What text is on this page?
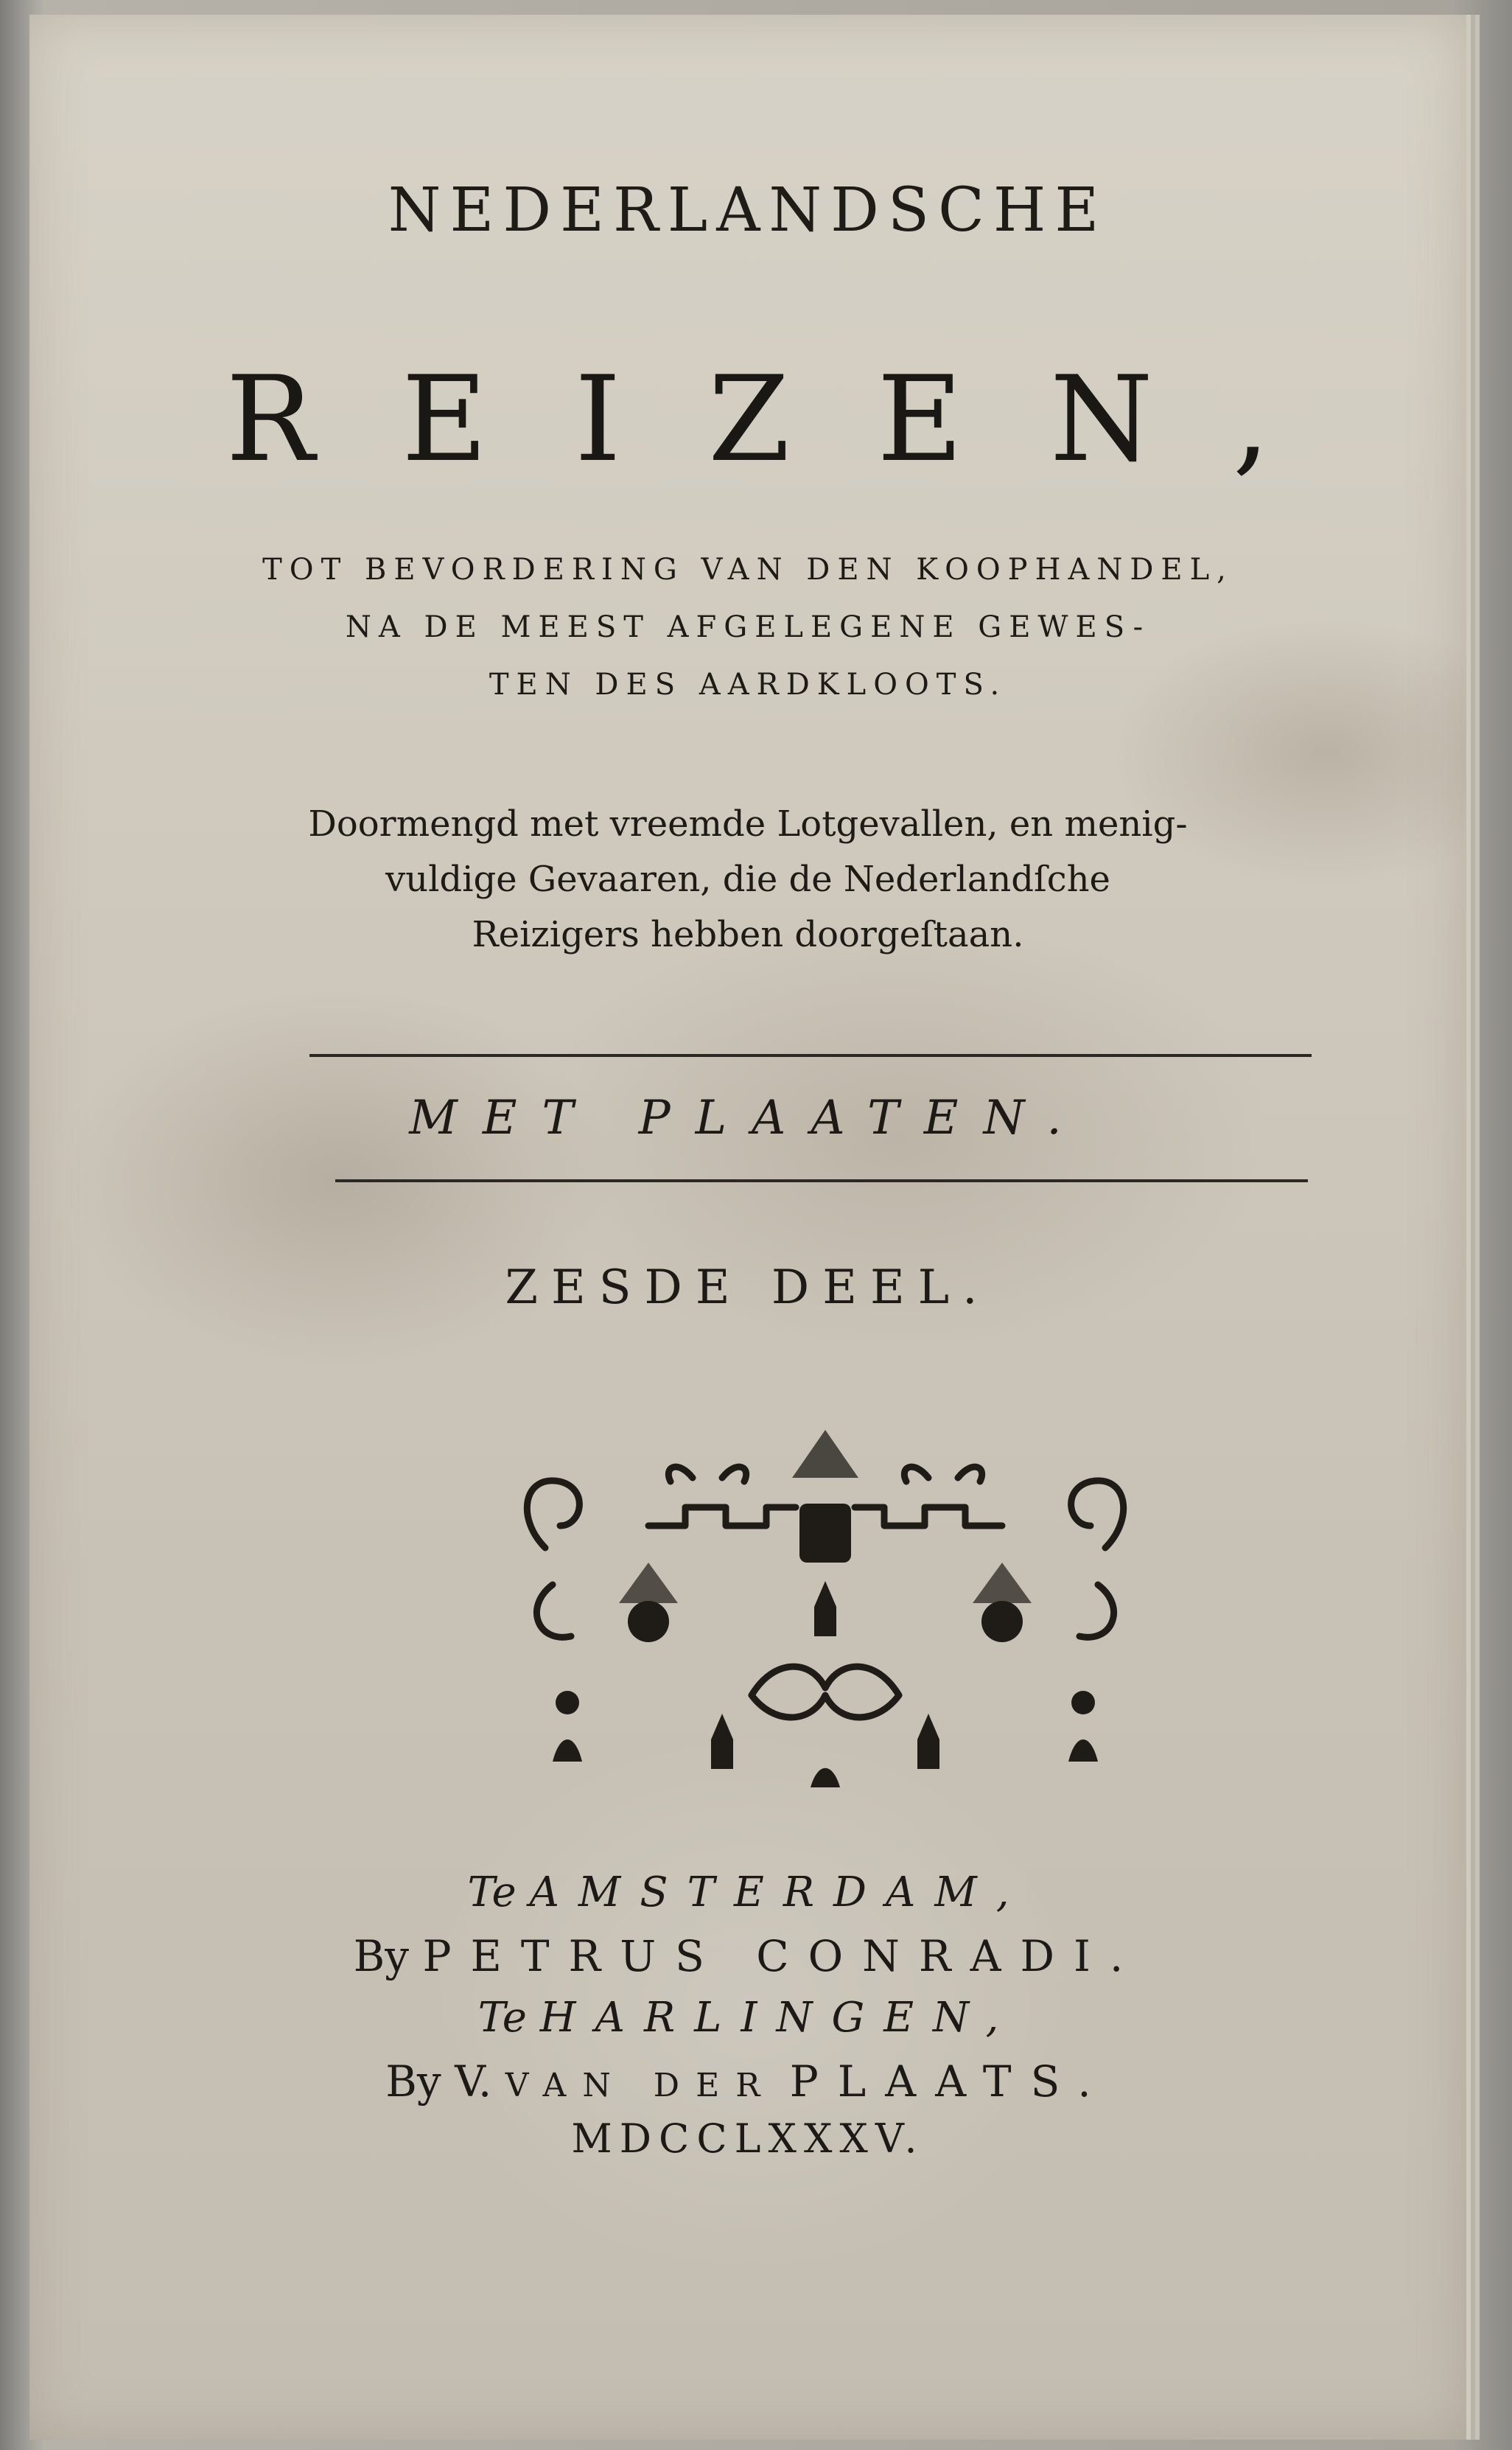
NEDERLANDSCHE
REIZEN,
TOT BEVORDERING VAN DEN KOOPHANDEL,
NA DE MEEST AFGELEGENE GEWES-
TEN DES AARDKLOOTS.
Doormengd met vreemde Lotgevallen, en menig-
vuldige Gevaaren, die de Nederlandſche
Reizigers hebben doorgeſtaan.
MET PLAATEN.
ZESDE DEEL.
Te AMSTERDAM,
By PETRUS CONRADI.
Te HARLINGEN,
By V. VAN DER PLAATS.
MDCCLXXXV.
